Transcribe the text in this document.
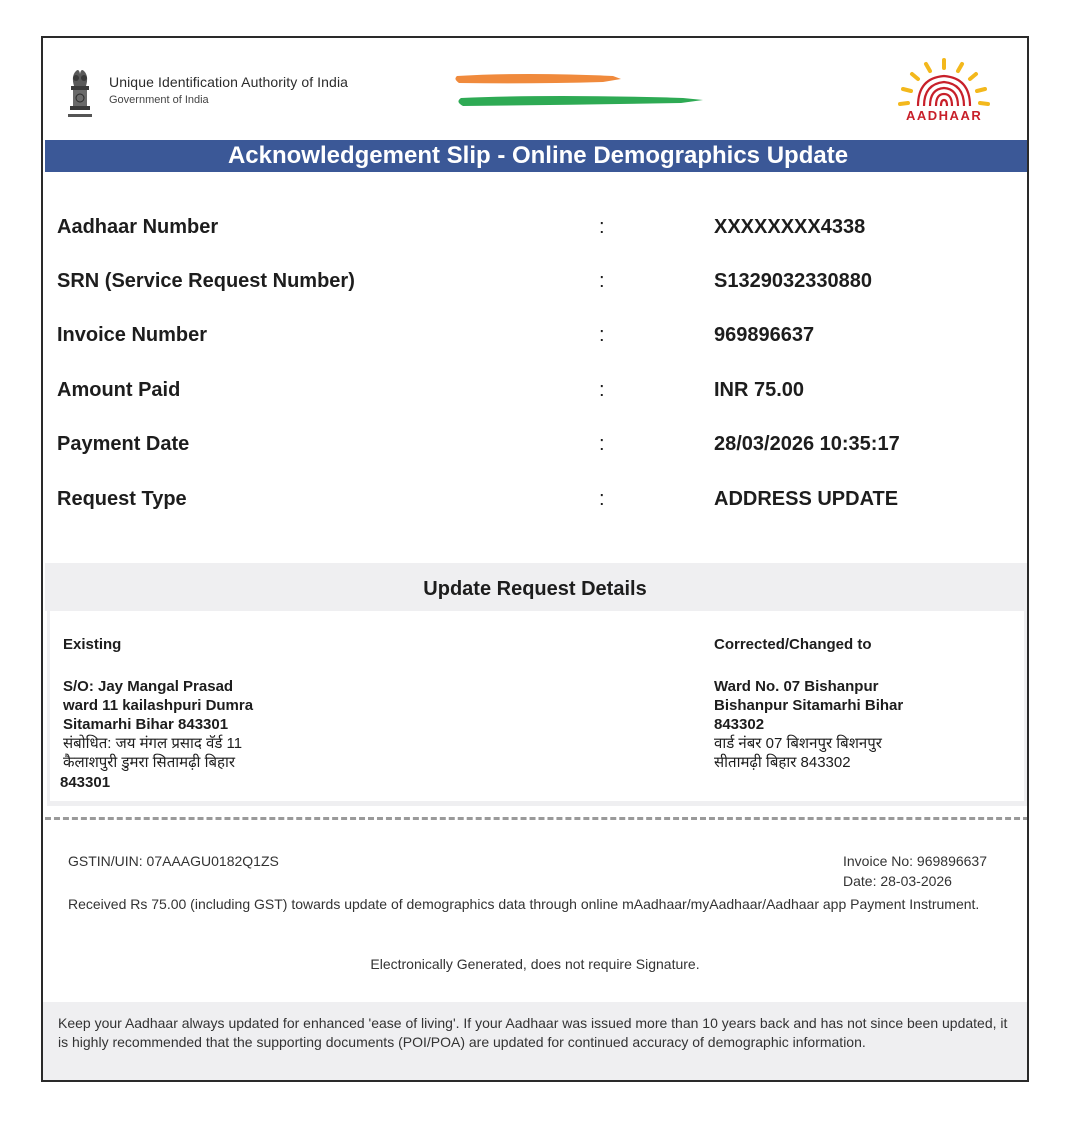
Unique Identification Authority of India
Government of India
AADHAAR
Acknowledgement Slip - Online Demographics Update
Aadhaar Number	:	XXXXXXXX4338
SRN (Service Request Number)	:	S1329032330880
Invoice Number	:	969896637
Amount Paid	:	INR 75.00
Payment Date	:	28/03/2026 10:35:17
Request Type	:	ADDRESS UPDATE
Update Request Details
Existing
S/O: Jay Mangal Prasad
ward 11 kailashpuri Dumra
Sitamarhi Bihar 843301
संबोधित: जय मंगल प्रसाद वॅर्ड 11
कैलाशपुरी डुमरा सितामढ़ी बिहार
843301
Corrected/Changed to
Ward No. 07 Bishanpur
Bishanpur Sitamarhi Bihar
843302
वार्ड नंबर 07 बिशनपुर बिशनपुर
सीतामढ़ी बिहार 843302
GSTIN/UIN: 07AAAGU0182Q1ZS	Invoice No: 969896637
Date: 28-03-2026
Received Rs 75.00 (including GST) towards update of demographics data through online mAadhaar/myAadhaar/Aadhaar app Payment Instrument.
Electronically Generated, does not require Signature.
Keep your Aadhaar always updated for enhanced 'ease of living'. If your Aadhaar was issued more than 10 years back and has not since been updated, it is highly recommended that the supporting documents (POI/POA) are updated for continued accuracy of demographic information.
